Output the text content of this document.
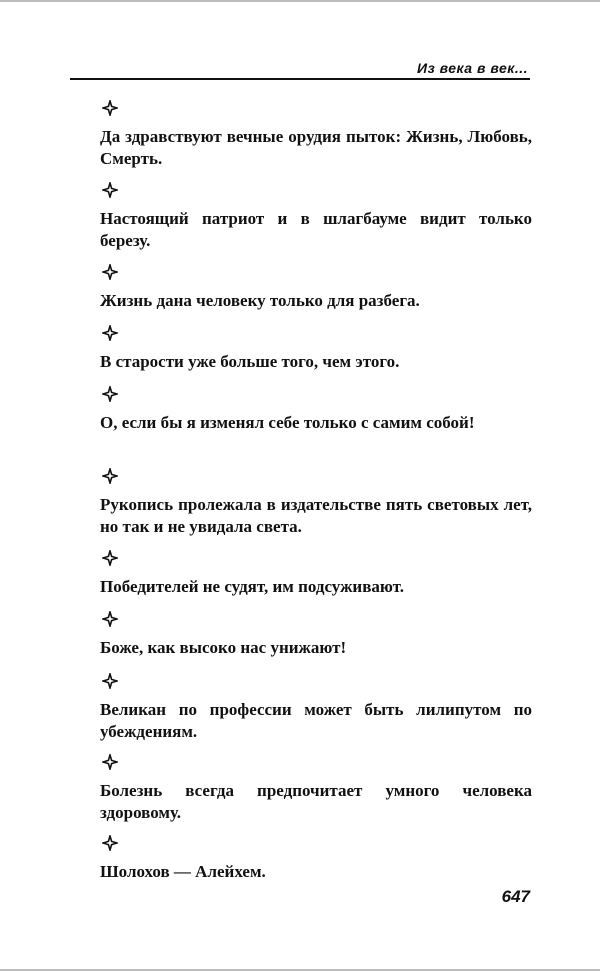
Из века в век...
Да здравствуют вечные орудия пыток: Жизнь, Любовь, Смерть.
Настоящий патриот и в шлагбауме видит только березу.
Жизнь дана человеку только для разбега.
В старости уже больше того, чем этого.
О, если бы я изменял себе только с самим собой!
Рукопись пролежала в издательстве пять световых лет, но так и не увидала света.
Победителей не судят, им подсуживают.
Боже, как высоко нас унижают!
Великан по профессии может быть лилипутом по убеждениям.
Болезнь всегда предпочитает умного человека здоровому.
Шолохов — Алейхем.
647
